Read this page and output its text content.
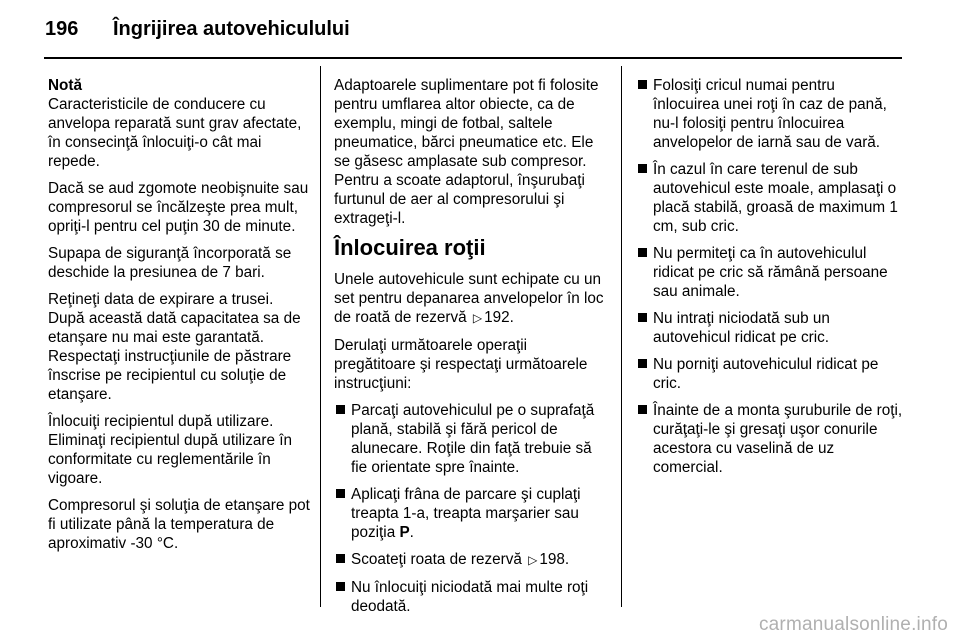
196 Îngrijirea autovehiculului

Notă
Caracteristicile de conducere cu anvelopa reparată sunt grav afectate, în consecinţă înlocuiţi-o cât mai repede.

Dacă se aud zgomote neobişnuite sau compresorul se încălzeşte prea mult, opriţi-l pentru cel puţin 30 de minute.

Supapa de siguranţă încorporată se deschide la presiunea de 7 bari.

Reţineţi data de expirare a trusei. După această dată capacitatea sa de etanşare nu mai este garantată. Respectaţi instrucţiunile de păstrare înscrise pe recipientul cu soluţie de etanşare.

Înlocuiţi recipientul după utilizare. Eliminaţi recipientul după utilizare în conformitate cu reglementările în vigoare.

Compresorul şi soluţia de etanşare pot fi utilizate până la temperatura de aproximativ -30 °C.

Adaptoarele suplimentare pot fi folosite pentru umflarea altor obiecte, ca de exemplu, mingi de fotbal, saltele pneumatice, bărci pneumatice etc. Ele se găsesc amplasate sub compresor. Pentru a scoate adaptorul, înşurubaţi furtunul de aer al compresorului şi extrageţi-l.

Înlocuirea roţii

Unele autovehicule sunt echipate cu un set pentru depanarea anvelopelor în loc de roată de rezervă ▷ 192.

Derulaţi următoarele operaţii pregătitoare şi respectaţi următoarele instrucţiuni:

Parcaţi autovehiculul pe o suprafaţă plană, stabilă şi fără pericol de alunecare. Roţile din faţă trebuie să fie orientate spre înainte.
Aplicaţi frâna de parcare şi cuplaţi treapta 1-a, treapta marşarier sau poziţia P.
Scoateţi roata de rezervă ▷ 198.
Nu înlocuiţi niciodată mai multe roţi deodată.
Folosiţi cricul numai pentru înlocuirea unei roţi în caz de pană, nu-l folosiţi pentru înlocuirea anvelopelor de iarnă sau de vară.
În cazul în care terenul de sub autovehicul este moale, amplasaţi o placă stabilă, groasă de maximum 1 cm, sub cric.
Nu permiteţi ca în autovehiculul ridicat pe cric să rămână persoane sau animale.
Nu intraţi niciodată sub un autovehicul ridicat pe cric.
Nu porniţi autovehiculul ridicat pe cric.
Înainte de a monta şuruburile de roţi, curăţaţi-le şi gresaţi uşor conurile acestora cu vaselină de uz comercial.
carmanualsonline.info
